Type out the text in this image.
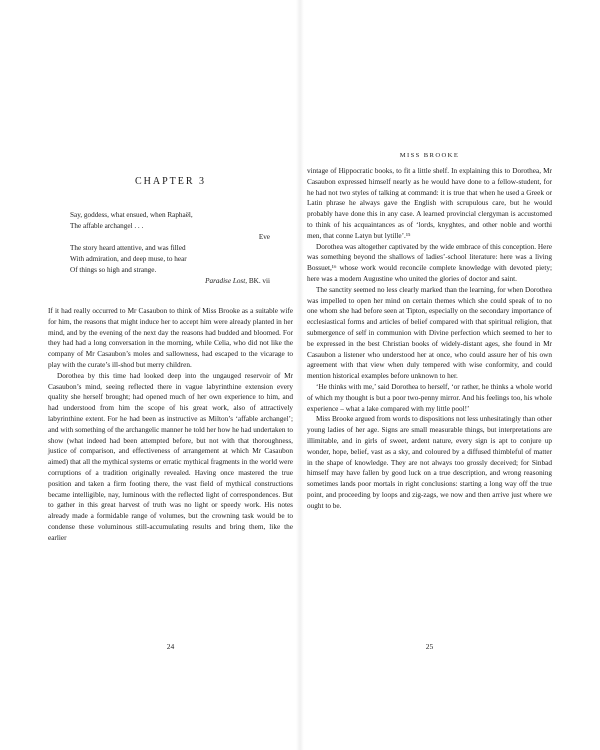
CHAPTER 3
Say, goddess, what ensued, when Raphaël,
The affable archangel . . .
Eve
The story heard attentive, and was filled
With admiration, and deep muse, to hear
Of things so high and strange.
Paradise Lost, BK. vii

If it had really occurred to Mr Casaubon to think of Miss Brooke as a suitable wife for him, the reasons that might induce her to accept him were already planted in her mind, and by the evening of the next day the reasons had budded and bloomed. For they had had a long conversation in the morning, while Celia, who did not like the company of Mr Casaubon’s moles and sallowness, had escaped to the vicarage to play with the curate’s ill-shod but merry children.

Dorothea by this time had looked deep into the ungauged reservoir of Mr Casaubon’s mind, seeing reflected there in vague labyrinthine extension every quality she herself brought; had opened much of her own experience to him, and had understood from him the scope of his great work, also of attractively labyrinthine extent. For he had been as instructive as Milton’s ‘affable archangel’; and with something of the archangelic manner he told her how he had undertaken to show (what indeed had been attempted before, but not with that thoroughness, justice of comparison, and effectiveness of arrangement at which Mr Casaubon aimed) that all the mythical systems or erratic mythical fragments in the world were corruptions of a tradition originally revealed. Having once mastered the true position and taken a firm footing there, the vast field of mythical constructions became intelligible, nay, luminous with the reflected light of correspondences. But to gather in this great harvest of truth was no light or speedy work. His notes already made a formidable range of volumes, but the crowning task would be to condense these voluminous still-accumulating results and bring them, like the earlier

24
MISS BROOKE

vintage of Hippocratic books, to fit a little shelf. In explaining this to Dorothea, Mr Casaubon expressed himself nearly as he would have done to a fellow-student, for he had not two styles of talking at command: it is true that when he used a Greek or Latin phrase he always gave the English with scrupulous care, but he would probably have done this in any case. A learned provincial clergyman is accustomed to think of his acquaintances as of ‘lords, knyghtes, and other noble and worthi men, that conne Latyn but lytille’.¹⁵

Dorothea was altogether captivated by the wide embrace of this conception. Here was something beyond the shallows of ladies’-school literature: here was a living Bossuet,¹⁶ whose work would reconcile complete knowledge with devoted piety; here was a modern Augustine who united the glories of doctor and saint.

The sanctity seemed no less clearly marked than the learning, for when Dorothea was impelled to open her mind on certain themes which she could speak of to no one whom she had before seen at Tipton, especially on the secondary importance of ecclesiastical forms and articles of belief compared with that spiritual religion, that submergence of self in communion with Divine perfection which seemed to her to be expressed in the best Christian books of widely-distant ages, she found in Mr Casaubon a listener who understood her at once, who could assure her of his own agreement with that view when duly tempered with wise conformity, and could mention historical examples before unknown to her.

‘He thinks with me,’ said Dorothea to herself, ‘or rather, he thinks a whole world of which my thought is but a poor two-penny mirror. And his feelings too, his whole experience – what a lake compared with my little pool!’

Miss Brooke argued from words to dispositions not less unhesitatingly than other young ladies of her age. Signs are small measurable things, but interpretations are illimitable, and in girls of sweet, ardent nature, every sign is apt to conjure up wonder, hope, belief, vast as a sky, and coloured by a diffused thimbleful of matter in the shape of knowledge. They are not always too grossly deceived; for Sinbad himself may have fallen by good luck on a true description, and wrong reasoning sometimes lands poor mortals in right conclusions: starting a long way off the true point, and proceeding by loops and zig-zags, we now and then arrive just where we ought to be.

25
